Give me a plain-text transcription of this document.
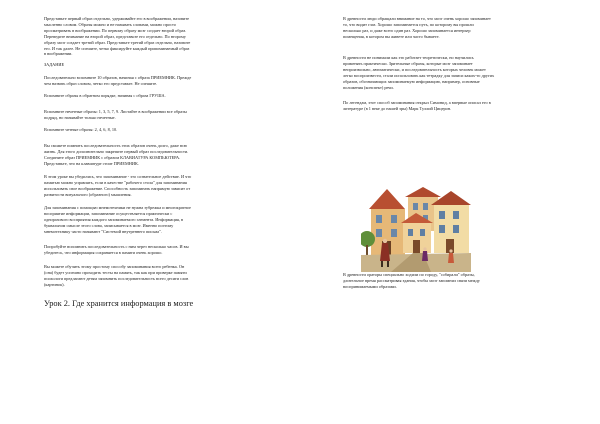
Представьте первый образ отдельно, удерживайте его в воображении, назовите
мысленно словом. Образы можно и не называть словами, можно просто
просматривать в воображении. По первому образу мозг создает второй образ.
Переведите внимание на второй образ, представьте его отдельно. По второму
образу мозг создает третий образ. Представьте третий образ отдельно, назовите
его. И так далее. Не спешите, четко фиксируйте каждый припоминаемый образ
в воображении.

ЗАДАНИЕ

Последовательно вспомните 10 образов, начиная с образа ПРИЕМНИК. Прежде
чем назвать образ словом, четко его представьте. Не спешите.

Вспомните образы в обратном порядке, начиная с образа ГРУША.

Вспомните нечетные образы: 1, 3, 5, 7, 9. Листайте в воображении все образы
подряд, но называйте только нечетные.

Вспомните четные образы: 2, 4, 6, 8, 10.

Вы сможете помнить последовательность этих образов очень долго, даже всю
жизнь. Для этого дополнительно закрепите первый образ последовательности.
Соедините образ ПРИЕМНИК с образом КЛАВИАТУРА КОМПЬЮТЕРА.
Представьте, что на клавиатуре стоит ПРИЕМНИК.

В этом уроке вы убедились, что запоминание - это сознательное действие. И что
памятью можно управлять, если в качестве "рабочего стола" для запоминания
использовать свое воображение. Способность запоминать напрямую зависит от
развитости визуального (образного) мышления.

Для запоминания с помощью мнемотехники не нужна зубрежка и многократное
восприятие информации, запоминание осуществляется практически с
одноразового восприятия каждого запоминаемого элемента. Информация, в
буквальном смысле этого слова, записывается в мозг. Именно поэтому
мнемотехнику часто называют "Системой внутреннего письма".

Попробуйте вспомнить последовательность с ним через несколько часов. И вы
убедитесь, что информация сохраняется в памяти очень хорошо.

Вы можете обучить этому простому способу запоминания всего ребенка. Он
(она) будет успешно проходить тесты на память, так как при проверке памяти
психологи предлагают детям запомнить последовательность всего десяти слов
(картинок).

Урок 2. Где хранится информация в мозге

В древности люди обращали внимание на то, что мозг очень хорошо запоминает
то, что видит глаз. Хорошо запоминается путь, по которому вы прошли
несколько раз, и даже всего один раз. Хорошо запоминается интерьер
помещения, в котором вы живете или часто бываете.

В древности не понимали как это работает теоретически, но научились
применять практически. Зрительные образы, которые мозг запоминает
непроизвольно, автоматически, и последовательность которых человек может
легко воспроизвести, стали использовать как тетрадку для записи каких-то других
образов, обозначающих запоминаемую информацию, например, основные
положения (конспект) речи.

По легендам, этот способ запоминания открыл Симонид, а впервые описал его в
литературе (в 1 веке до нашей эры) Марк Туллий Цицерон.

В древности ораторы специально ходили по городу, "собирали" образы,
длительное время рассматривая здания, чтобы мозг запомнил связи между
воспринимаемыми образами.
